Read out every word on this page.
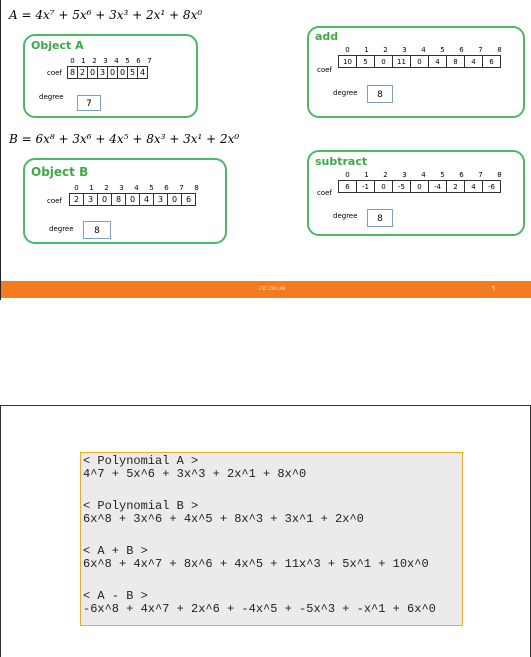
A = 4x⁷ + 5x⁶ + 3x³ + 2x¹ + 8x⁰
Object A
coef
0 1 2 3 4 5 6 7
8 2 0 3 0 0 5 4
degree
7
B = 6x⁸ + 3x⁶ + 4x⁵ + 8x³ + 3x¹ + 2x⁰
Object B
coef
0	1	2	3	4	5	6	7	8
2	3	0	8	0	4	3	0	6
degree	8
add
coef
0	1	2	3	4	5	6	7	8
10	5	0	11	0	4	8	4	6
degree	8
subtract
coef
0	1	2	3	4	5	6	7	8
6	-1	0	-5	0	-4	2	4	-6
degree	8
CSC 220 LAB	5
< Polynomial A >
4^7 + 5x^6 + 3x^3 + 2x^1 + 8x^0
< Polynomial B >
6x^8 + 3x^6 + 4x^5 + 8x^3 + 3x^1 + 2x^0
< A + B >
6x^8 + 4x^7 + 8x^6 + 4x^5 + 11x^3 + 5x^1 + 10x^0
< A - B >
-6x^8 + 4x^7 + 2x^6 + -4x^5 + -5x^3 + -x^1 + 6x^0
